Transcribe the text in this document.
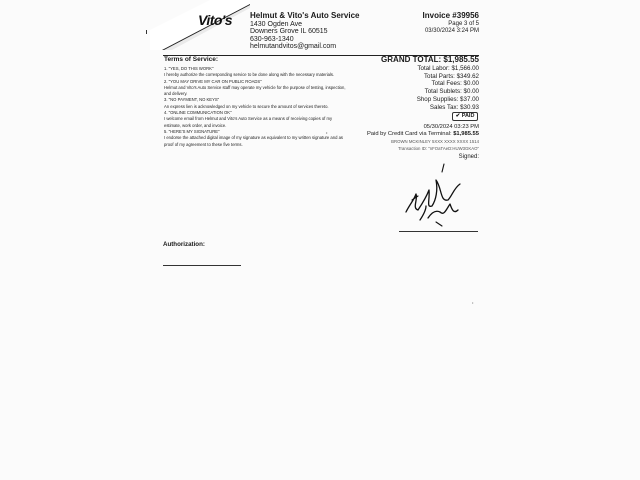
Vito's Helmut & Vito's Auto Service
1430 Ogden Ave
Downers Grove IL 60515
630-963-1340
helmutandvitos@gmail.com
Invoice #39956
Page 3 of 5
03/30/2024 3:24 PM
Terms of Service:

1. "YES, DO THIS WORK"

I hereby authorize the corresponding service to be done along with the necessary materials.

2. "YOU MAY DRIVE MY CAR ON PUBLIC ROADS"

Helmut and Vito's Auto Service staff may operate my vehicle for the purpose of testing, inspection, and delivery.

3. "NO PAYMENT, NO KEYS"

An express lien is acknowledged on my vehicle to secure the amount of services thereto.

4. "ONLINE COMMUNICATION OK"

I welcome email from Helmut and Vito's Auto Service as a means of receiving copies of my estimate, work order, and invoice.

5. "HERE'S MY SIGNATURE"

I endorse the attached digital image of my signature as equivalent to my written signature and as proof of my agreement to these five terms.

GRAND TOTAL: $1,985.55
Total Labor: $1,566.00
Total Parts: $349.62
Total Fees: $0.00
Total Sublets: $0.00
Shop Supplies: $37.00
Sales Tax: $30.93
✔ PAID
05/30/2024 03:23 PM
Paid by Credit Card via Terminal: $1,985.55
BROWN MCKINLEY 5XXX XXXX XXXX 1514
Transaction ID: "nFOaTAeD:HUW3GKAO"
Signed:
Authorization:
•
•
